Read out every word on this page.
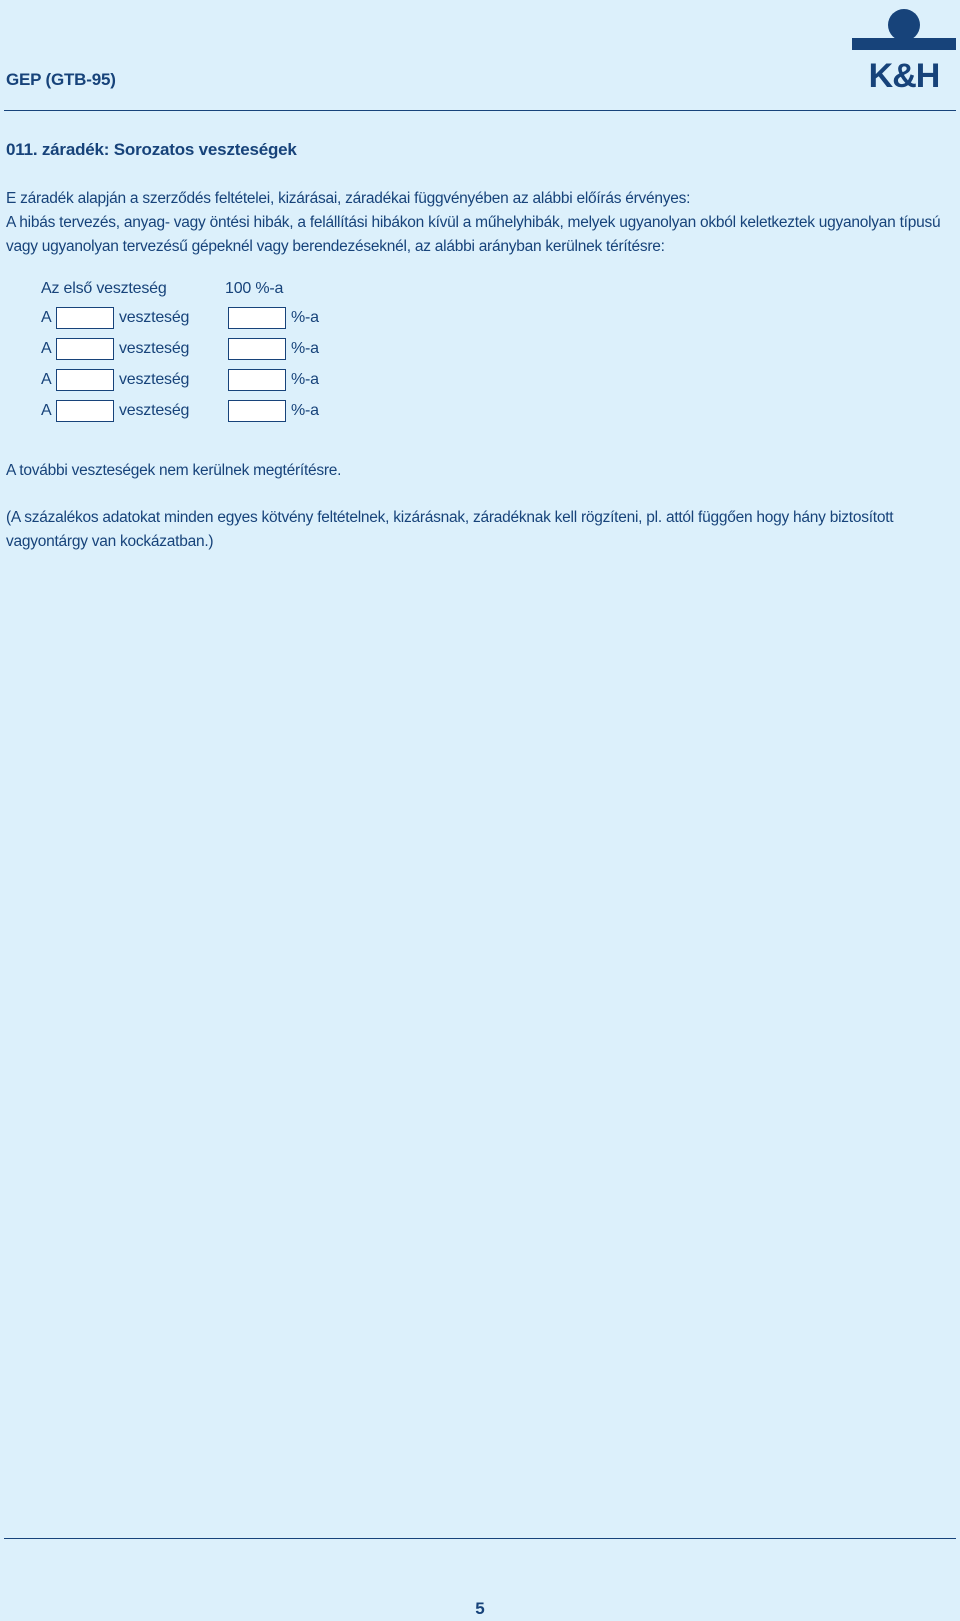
GEP (GTB-95)	K&H
011. záradék: Sorozatos veszteségek

E záradék alapján a szerződés feltételei, kizárásai, záradékai függvényében az alábbi előírás érvényes:
A hibás tervezés, anyag- vagy öntési hibák, a felállítási hibákon kívül a műhelyhibák, melyek ugyanolyan okból keletkeztek ugyanolyan típusú vagy ugyanolyan tervezésű gépeknél vagy berendezéseknél, az alábbi arányban kerülnek térítésre:

Az első veszteség	100 %-a
A	veszteség	%-a
A	veszteség	%-a
A	veszteség	%-a
A	veszteség	%-a

A további veszteségek nem kerülnek megtérítésre.

(A százalékos adatokat minden egyes kötvény feltételnek, kizárásnak, záradéknak kell rögzíteni, pl. attól függően hogy hány biztosított vagyontárgy van kockázatban.)

5
